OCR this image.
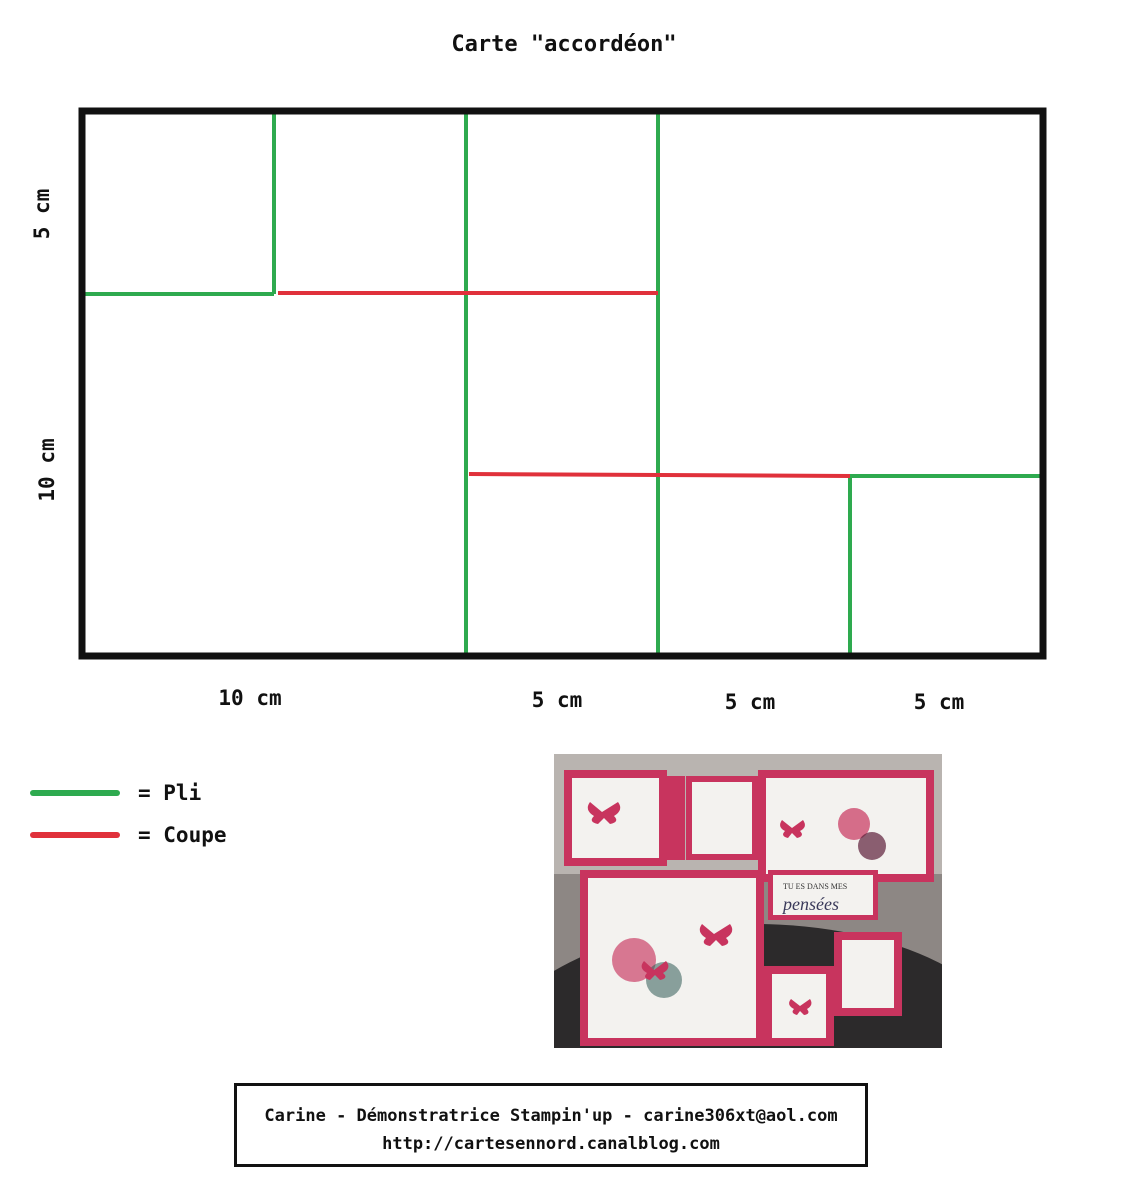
Carte "accordéon"
5 cm
10 cm
10 cm	5 cm	5 cm	5 cm
= Pli
= Coupe
TU ES DANS MES
pensées
Carine - Démonstratrice Stampin'up - carine306xt@aol.com
http://cartesennord.canalblog.com
